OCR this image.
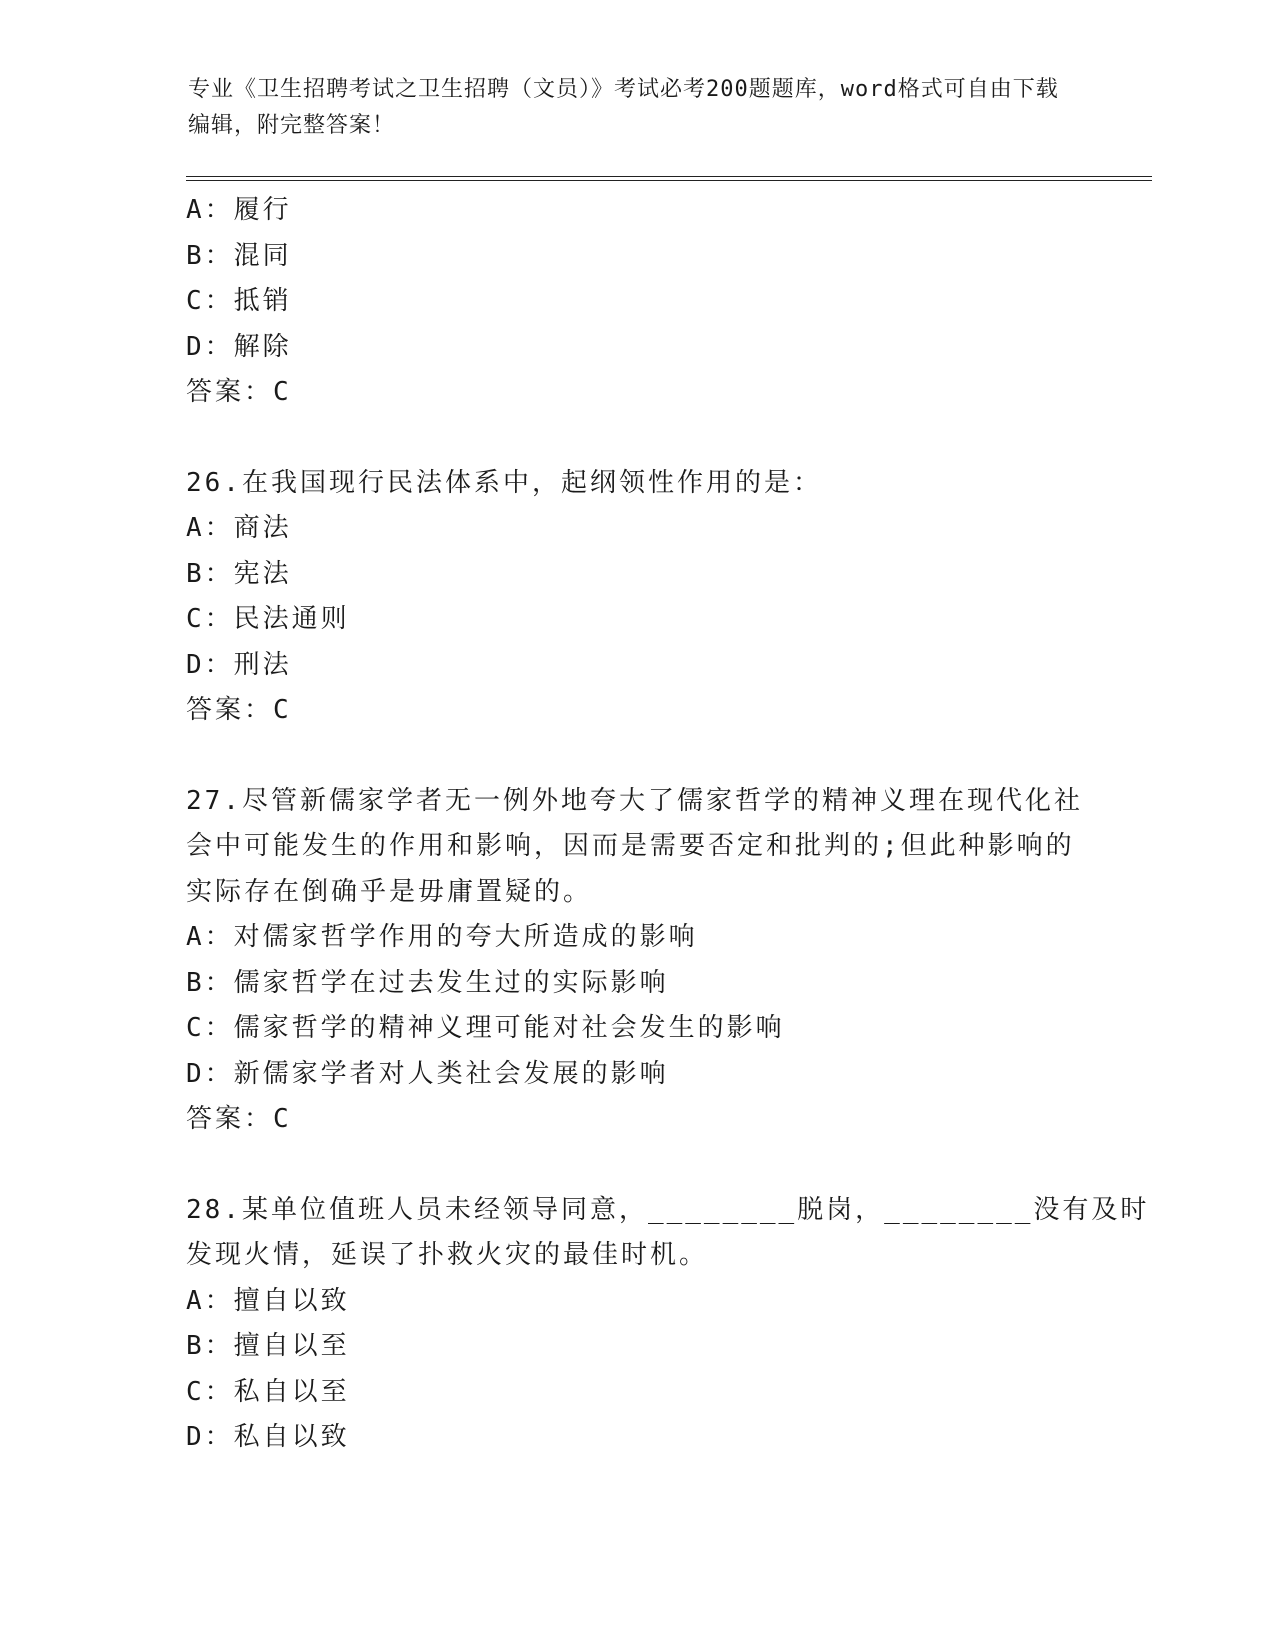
专业《卫生招聘考试之卫生招聘（文员）》考试必考200题题库，word格式可自由下载编辑，附完整答案！
A：履行
B：混同
C：抵销
D：解除
答案：C
26.在我国现行民法体系中，起纲领性作用的是：
A：商法
B：宪法
C：民法通则
D：刑法
答案：C
27.尽管新儒家学者无一例外地夸大了儒家哲学的精神义理在现代化社
会中可能发生的作用和影响，因而是需要否定和批判的;但此种影响的
实际存在倒确乎是毋庸置疑的。
A：对儒家哲学作用的夸大所造成的影响
B：儒家哲学在过去发生过的实际影响
C：儒家哲学的精神义理可能对社会发生的影响
D：新儒家学者对人类社会发展的影响
答案：C
28.某单位值班人员未经领导同意，________脱岗，________没有及时
发现火情，延误了扑救火灾的最佳时机。
A：擅自以致
B：擅自以至
C：私自以至
D：私自以致
